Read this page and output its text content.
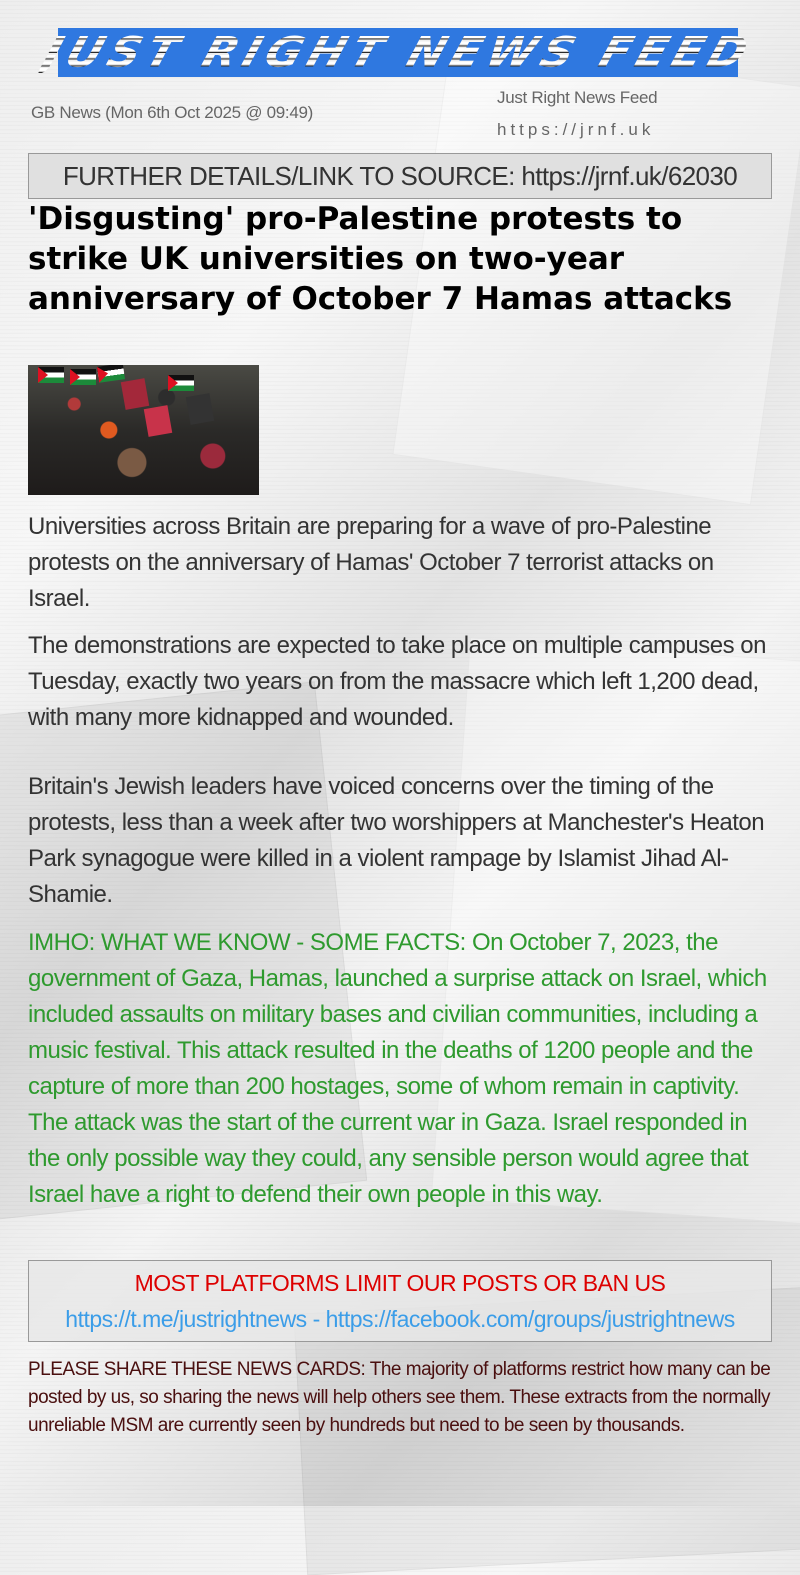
JUST RIGHT NEWS FEED
GB News (Mon 6th Oct 2025 @ 09:49)
Just Right News Feed
https://jrnf.uk
FURTHER DETAILS/LINK TO SOURCE: https://jrnf.uk/62030
'Disgusting' pro-Palestine protests to strike UK universities on two-year anniversary of October 7 Hamas attacks

Universities across Britain are preparing for a wave of pro-Palestine protests on the anniversary of Hamas' October 7 terrorist attacks on Israel.

The demonstrations are expected to take place on multiple campuses on Tuesday, exactly two years on from the massacre which left 1,200 dead, with many more kidnapped and wounded.

Britain's Jewish leaders have voiced concerns over the timing of the protests, less than a week after two worshippers at Manchester's Heaton Park synagogue were killed in a violent rampage by Islamist Jihad Al-Shamie.

IMHO: WHAT WE KNOW - SOME FACTS: On October 7, 2023, the government of Gaza, Hamas, launched a surprise attack on Israel, which included assaults on military bases and civilian communities, including a music festival. This attack resulted in the deaths of 1200 people and the capture of more than 200 hostages, some of whom remain in captivity. The attack was the start of the current war in Gaza. Israel responded in the only possible way they could, any sensible person would agree that Israel have a right to defend their own people in this way.

MOST PLATFORMS LIMIT OUR POSTS OR BAN US
https://t.me/justrightnews - https://facebook.com/groups/justrightnews

PLEASE SHARE THESE NEWS CARDS: The majority of platforms restrict how many can be posted by us, so sharing the news will help others see them. These extracts from the normally unreliable MSM are currently seen by hundreds but need to be seen by thousands.
